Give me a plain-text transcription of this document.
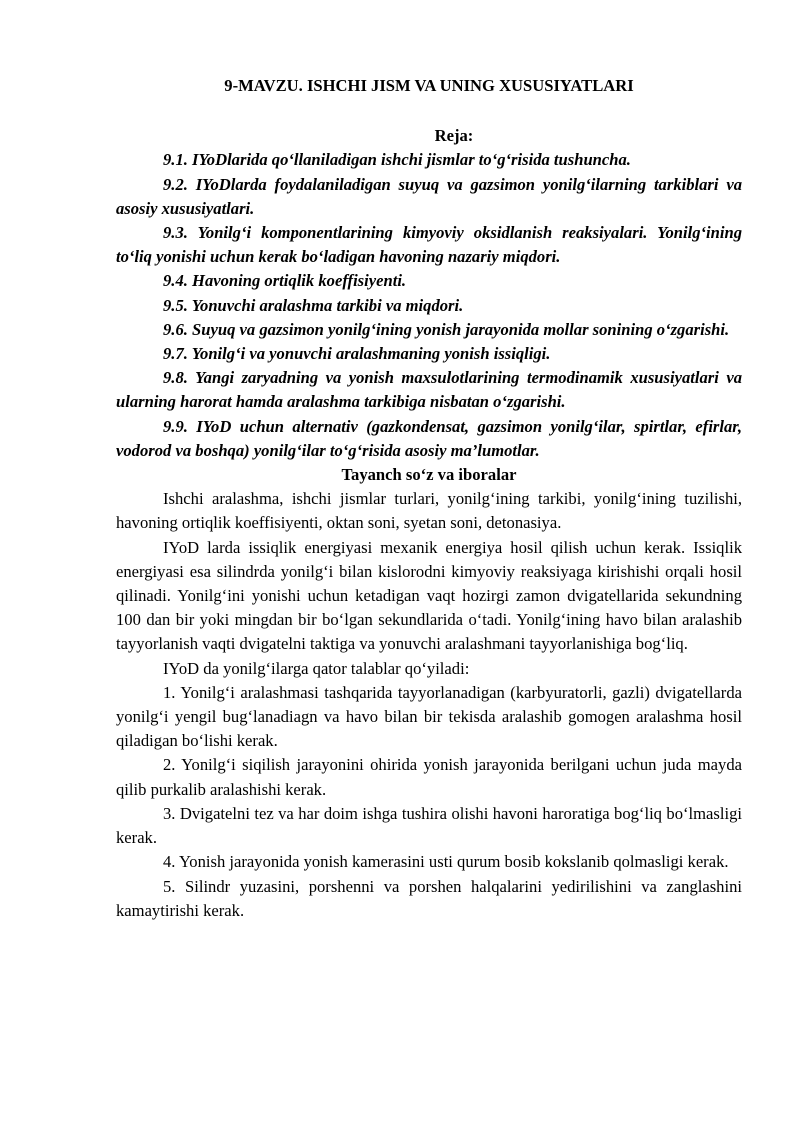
9-MAVZU. ISHCHI JISM VA UNING XUSUSIYATLARI
Reja:
9.1. IYoDlarida qo‘llaniladigan ishchi jismlar to‘g‘risida tushuncha.
9.2. IYoDlarda foydalaniladigan suyuq va gazsimon yonilg‘ilarning tarkiblari va asosiy xususiyatlari.
9.3. Yonilg‘i komponentlarining kimyoviy oksidlanish reaksiyalari. Yonilg‘ining to‘liq yonishi uchun kerak bo‘ladigan havoning nazariy miqdori.
9.4. Havoning ortiqlik koeffisiyenti.
9.5. Yonuvchi aralashma tarkibi va miqdori.
9.6. Suyuq va gazsimon yonilg‘ining yonish jarayonida mollar sonining o‘zgarishi.
9.7. Yonilg‘i va yonuvchi aralashmaning yonish issiqligi.
9.8. Yangi zaryadning va yonish maxsulotlarining termodinamik xususiyatlari va ularning harorat hamda aralashma tarkibiga nisbatan o‘zgarishi.
9.9. IYoD uchun alternativ (gazkondensat, gazsimon yonilg‘ilar, spirtlar, efirlar, vodorod va boshqa) yonilg‘ilar to‘g‘risida asosiy ma’lumotlar.
Tayanch so‘z va iboralar

Ishchi aralashma, ishchi jismlar turlari, yonilg‘ining tarkibi, yonilg‘ining tuzilishi, havoning ortiqlik koeffisiyenti, oktan soni, syetan soni, detonasiya.

IYoD larda issiqlik energiyasi mexanik energiya hosil qilish uchun kerak. Issiqlik energiyasi esa silindrda yonilg‘i bilan kislorodni kimyoviy reaksiyaga kirishishi orqali hosil qilinadi. Yonilg‘ini yonishi uchun ketadigan vaqt hozirgi zamon dvigatellarida sekundning 100 dan bir yoki mingdan bir bo‘lgan sekundlarida o‘tadi. Yonilg‘ining havo bilan aralashib tayyorlanish vaqti dvigatelni taktiga va yonuvchi aralashmani tayyorlanishiga bog‘liq.

IYoD da yonilg‘ilarga qator talablar qo‘yiladi:

1. Yonilg‘i aralashmasi tashqarida tayyorlanadigan (karbyuratorli, gazli) dvigatellarda yonilg‘i yengil bug‘lanadiagn va havo bilan bir tekisda aralashib gomogen aralashma hosil qiladigan bo‘lishi kerak.

2. Yonilg‘i siqilish jarayonini ohirida yonish jarayonida berilgani uchun juda mayda qilib purkalib aralashishi kerak.

3. Dvigatelni tez va har doim ishga tushira olishi havoni haroratiga bog‘liq bo‘lmasligi kerak.

4. Yonish jarayonida yonish kamerasini usti qurum bosib kokslanib qolmasligi kerak.

5. Silindr yuzasini, porshenni va porshen halqalarini yedirilishini va zanglashini kamaytirishi kerak.
